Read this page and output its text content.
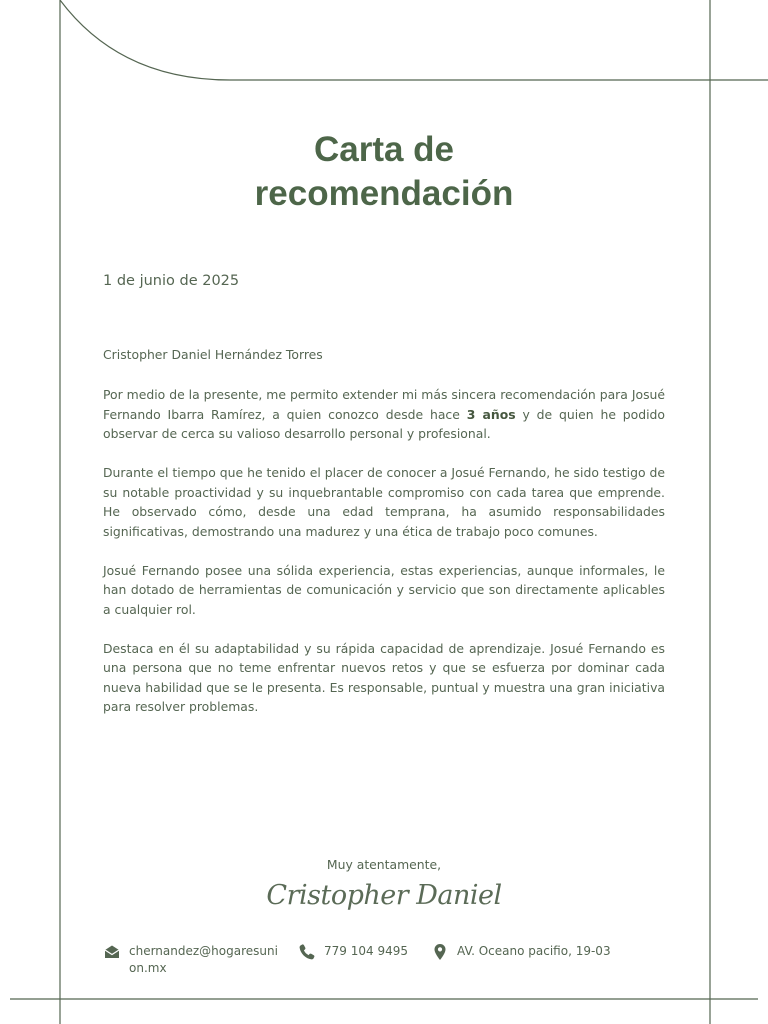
Carta de
recomendación
1 de junio de 2025
Cristopher Daniel Hernández Torres

Por medio de la presente, me permito extender mi más sincera recomendación para Josué Fernando Ibarra Ramírez, a quien conozco desde hace 3 años y de quien he podido observar de cerca su valioso desarrollo personal y profesional.

Durante el tiempo que he tenido el placer de conocer a Josué Fernando, he sido testigo de su notable proactividad y su inquebrantable compromiso con cada tarea que emprende. He observado cómo, desde una edad temprana, ha asumido responsabilidades significativas, demostrando una madurez y una ética de trabajo poco comunes.

Josué Fernando posee una sólida experiencia, estas experiencias, aunque informales, le han dotado de herramientas de comunicación y servicio que son directamente aplicables a cualquier rol.

Destaca en él su adaptabilidad y su rápida capacidad de aprendizaje. Josué Fernando es una persona que no teme enfrentar nuevos retos y que se esfuerza por dominar cada nueva habilidad que se le presenta. Es responsable, puntual y muestra una gran iniciativa para resolver problemas.

Muy atentamente,
Cristopher Daniel
chernandez@hogaresunion.mx
779 104 9495	AV. Oceano pacifio, 19-03
